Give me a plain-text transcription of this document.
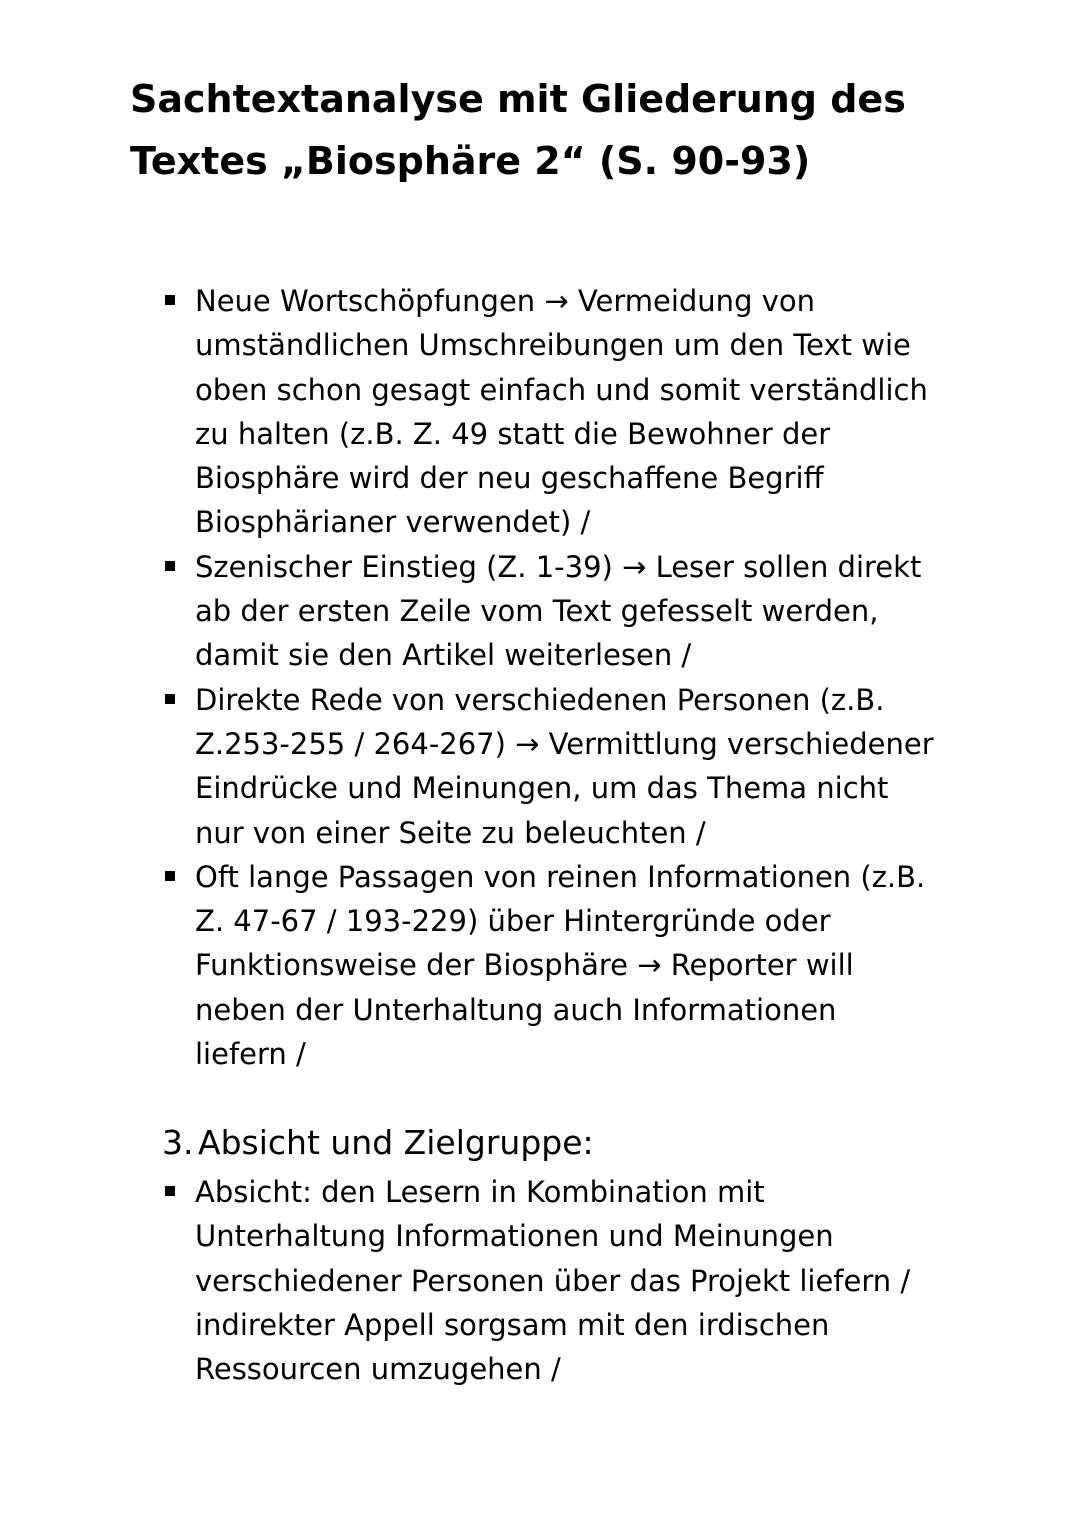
Sachtextanalyse mit Gliederung des
Textes „Biosphäre 2“ (S. 90-93)
Neue Wortschöpfungen → Vermeidung von
umständlichen Umschreibungen um den Text wie
oben schon gesagt einfach und somit verständlich
zu halten (z.B. Z. 49 statt die Bewohner der
Biosphäre wird der neu geschaffene Begriff
Biosphärianer verwendet) /
Szenischer Einstieg (Z. 1-39) → Leser sollen direkt
ab der ersten Zeile vom Text gefesselt werden,
damit sie den Artikel weiterlesen /
Direkte Rede von verschiedenen Personen (z.B.
Z.253-255 / 264-267) → Vermittlung verschiedener
Eindrücke und Meinungen, um das Thema nicht
nur von einer Seite zu beleuchten /
Oft lange Passagen von reinen Informationen (z.B.
Z. 47-67 / 193-229) über Hintergründe oder
Funktionsweise der Biosphäre → Reporter will
neben der Unterhaltung auch Informationen
liefern /
3. Absicht und Zielgruppe:
Absicht: den Lesern in Kombination mit
Unterhaltung Informationen und Meinungen
verschiedener Personen über das Projekt liefern /
indirekter Appell sorgsam mit den irdischen
Ressourcen umzugehen /
